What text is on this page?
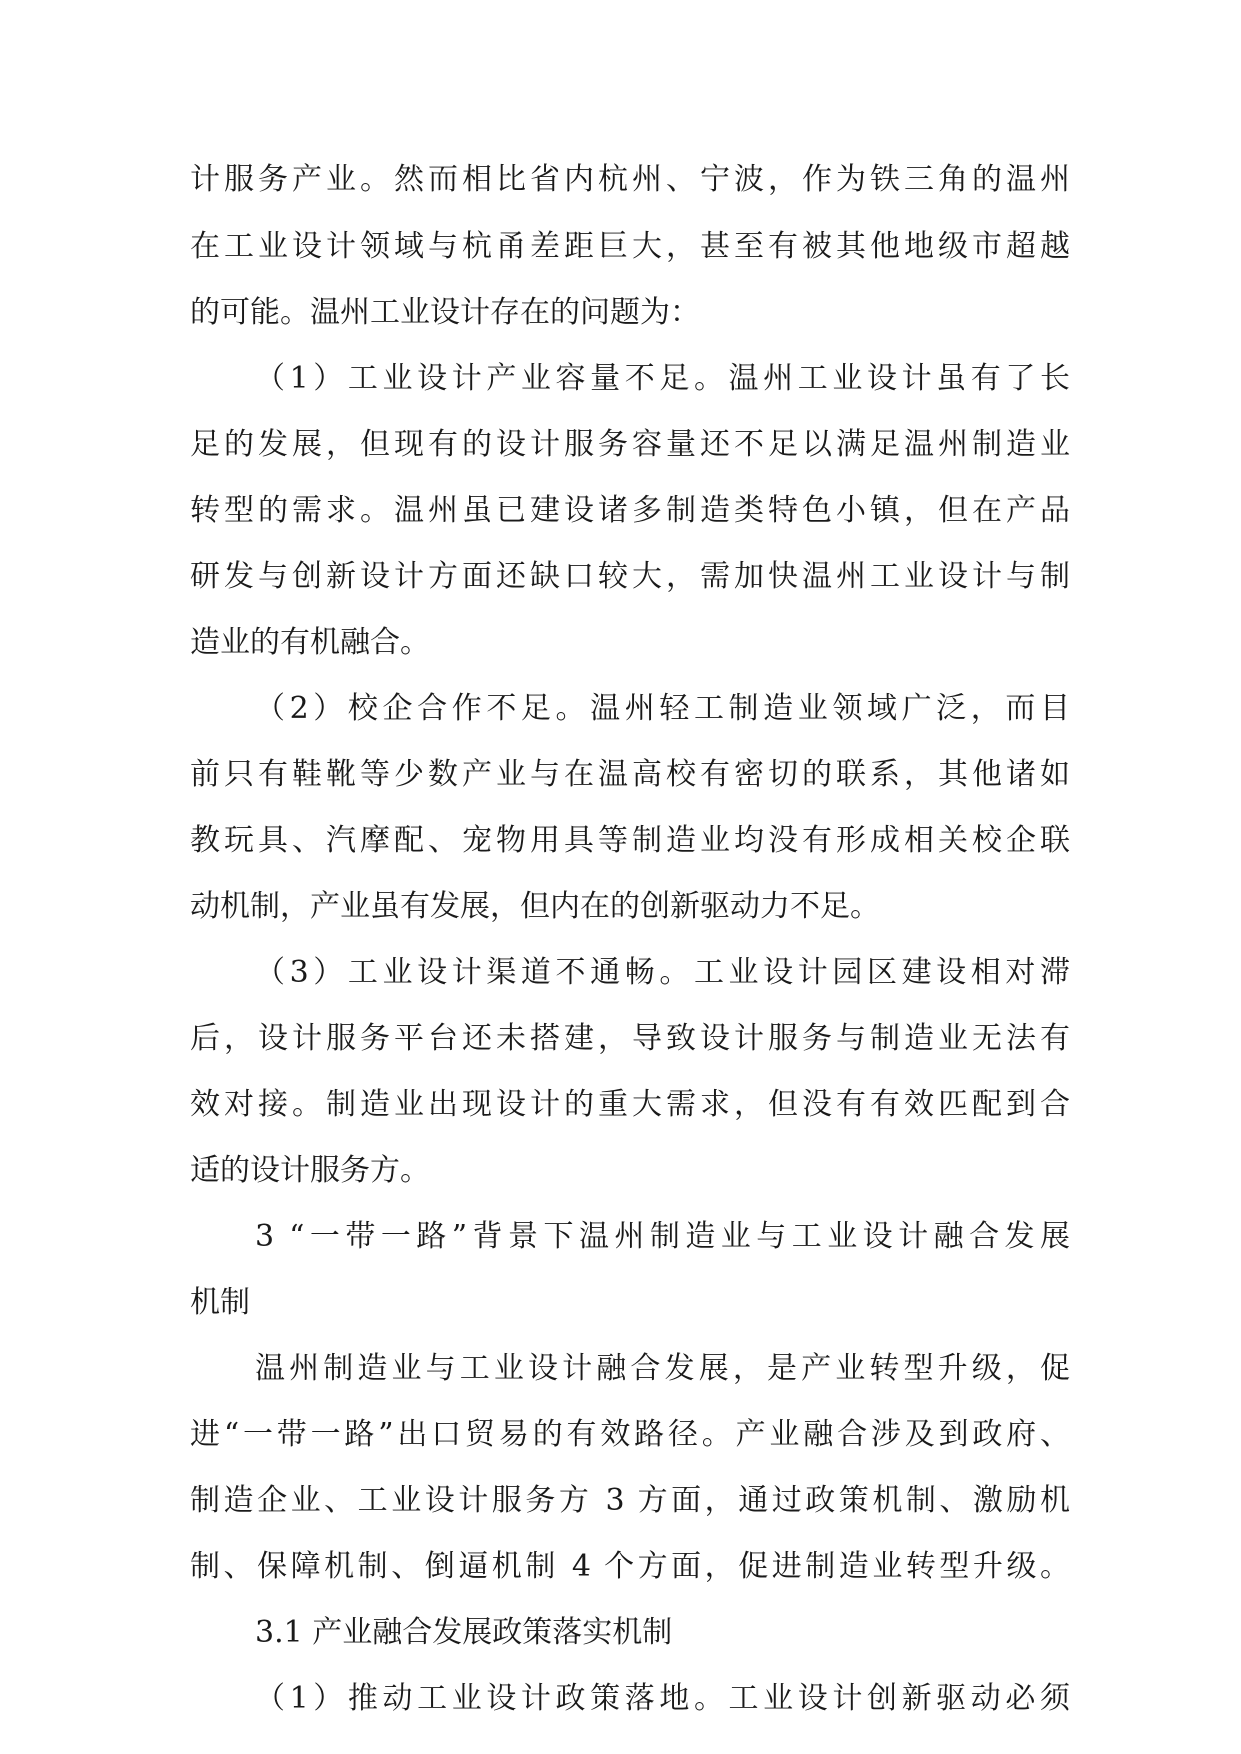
计服务产业。然而相比省内杭州、宁波，作为铁三角的温州
在工业设计领域与杭甬差距巨大，甚至有被其他地级市超越
的可能。温州工业设计存在的问题为：
（1）工业设计产业容量不足。温州工业设计虽有了长
足的发展，但现有的设计服务容量还不足以满足温州制造业
转型的需求。温州虽已建设诸多制造类特色小镇，但在产品
研发与创新设计方面还缺口较大，需加快温州工业设计与制
造业的有机融合。
（2）校企合作不足。温州轻工制造业领域广泛，而目
前只有鞋靴等少数产业与在温高校有密切的联系，其他诸如
教玩具、汽摩配、宠物用具等制造业均没有形成相关校企联
动机制，产业虽有发展，但内在的创新驱动力不足。
（3）工业设计渠道不通畅。工业设计园区建设相对滞
后，设计服务平台还未搭建，导致设计服务与制造业无法有
效对接。制造业出现设计的重大需求，但没有有效匹配到合
适的设计服务方。
3 “一带一路”背景下温州制造业与工业设计融合发展
机制
温州制造业与工业设计融合发展，是产业转型升级，促
进“一带一路”出口贸易的有效路径。产业融合涉及到政府、
制造企业、工业设计服务方 3 方面，通过政策机制、激励机
制、保障机制、倒逼机制 4 个方面，促进制造业转型升级。
3.1 产业融合发展政策落实机制
（1）推动工业设计政策落地。工业设计创新驱动必须
